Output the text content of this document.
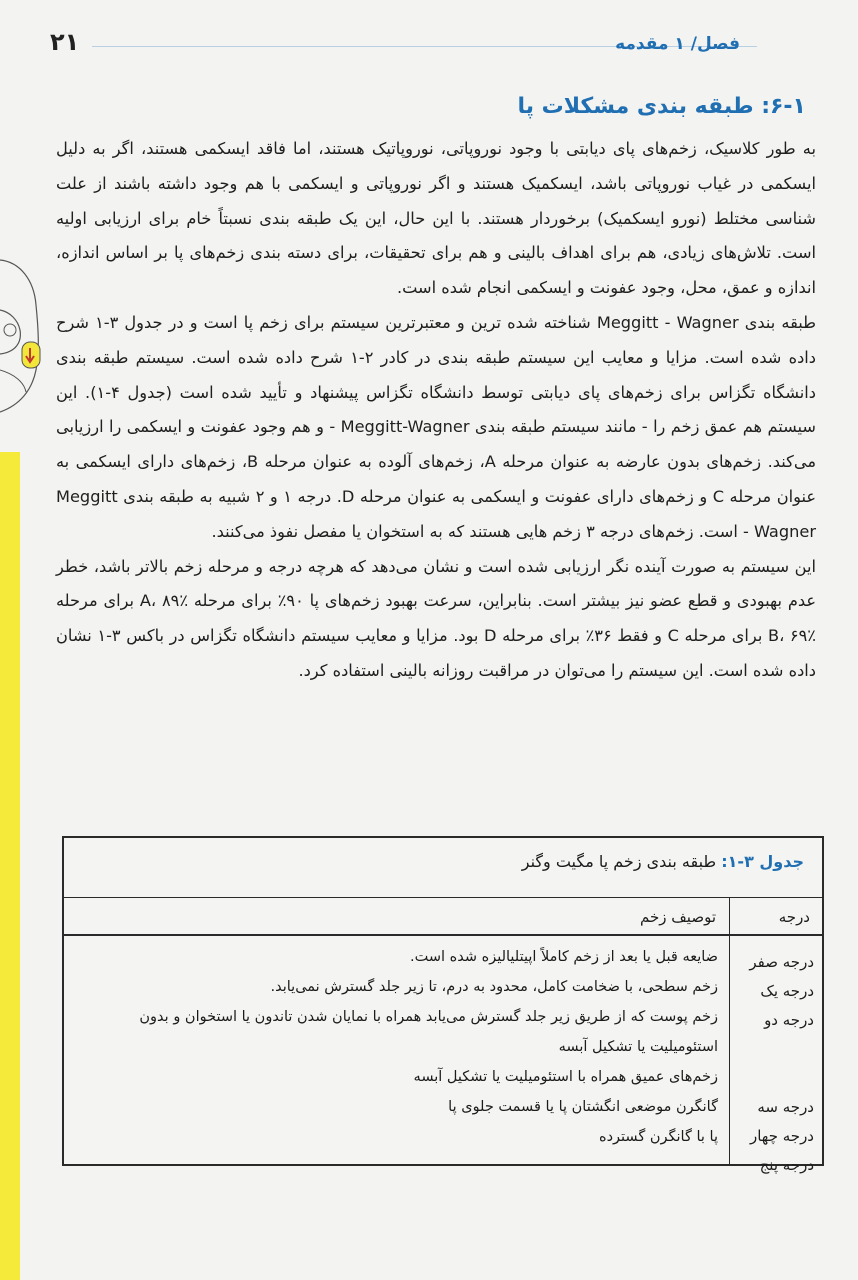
۲۱	فصل/ ۱ مقدمه
۶-۱: طبقه بندی مشکلات پا

به طور کلاسیک، زخم‌های پای دیابتی با وجود نوروپاتی، نوروپاتیک هستند، اما فاقد ایسکمی هستند، اگر به دلیل ایسکمی در غیاب نوروپاتی باشد، ایسکمیک هستند و اگر نوروپاتی و ایسکمی با هم وجود داشته باشند از علت شناسی مختلط (نورو ایسکمیک) برخوردار هستند. با این حال، این یک طبقه بندی نسبتاً خام برای ارزیابی اولیه است. تلاش‌های زیادی، هم برای اهداف بالینی و هم برای تحقیقات، برای دسته بندی زخم‌های پا بر اساس اندازه، اندازه و عمق، محل، وجود عفونت و ایسکمی انجام شده است.

طبقه بندی Meggitt - Wagner شناخته شده ترین و معتبرترین سیستم برای زخم پا است و در جدول ۳-۱ شرح داده شده است. مزایا و معایب این سیستم طبقه بندی در کادر ۲-۱ شرح داده شده است. سیستم طبقه بندی دانشگاه تگزاس برای زخم‌های پای دیابتی توسط دانشگاه تگزاس پیشنهاد و تأیید شده است (جدول ۴-۱). این سیستم هم عمق زخم را - مانند سیستم طبقه بندی Meggitt-Wagner - و هم وجود عفونت و ایسکمی را ارزیابی می‌کند. زخم‌های بدون عارضه به عنوان مرحله A، زخم‌های آلوده به عنوان مرحله B، زخم‌های دارای ایسکمی به عنوان مرحله C و زخم‌های دارای عفونت و ایسکمی به عنوان مرحله D. درجه ۱ و ۲ شبیه به طبقه بندی Meggitt - Wagner است. زخم‌های درجه ۳ زخم هایی هستند که به استخوان یا مفصل نفوذ می‌کنند.

این سیستم به صورت آینده نگر ارزیابی شده است و نشان می‌دهد که هرچه درجه و مرحله زخم بالاتر باشد، خطر عدم بهبودی و قطع عضو نیز بیشتر است. بنابراین، سرعت بهبود زخم‌های پا ۹۰٪ برای مرحله A، ۸۹٪ برای مرحله B، ۶۹٪ برای مرحله C و فقط ۳۶٪ برای مرحله D بود. مزایا و معایب سیستم دانشگاه تگزاس در باکس ۳-۱ نشان داده شده است. این سیستم را می‌توان در مراقبت روزانه بالینی استفاده کرد.

جدول ۳-۱: طبقه بندی زخم پا مگیت وگنر
درجه
توصیف زخم
درجه صفر
درجه یک
درجه دو
درجه سه
درجه چهار
درجه پنج
ضایعه قبل یا بعد از زخم کاملاً اپیتلیالیزه شده است.
زخم سطحی، با ضخامت کامل، محدود به درم، تا زیر جلد گسترش نمی‌یابد.
زخم پوست که از طریق زیر جلد گسترش می‌یابد همراه با نمایان شدن تاندون یا استخوان و بدون استئومیلیت یا تشکیل آبسه
زخم‌های عمیق همراه با استئومیلیت یا تشکیل آبسه
گانگرن موضعی انگشتان پا یا قسمت جلوی پا
پا با گانگرن گسترده
